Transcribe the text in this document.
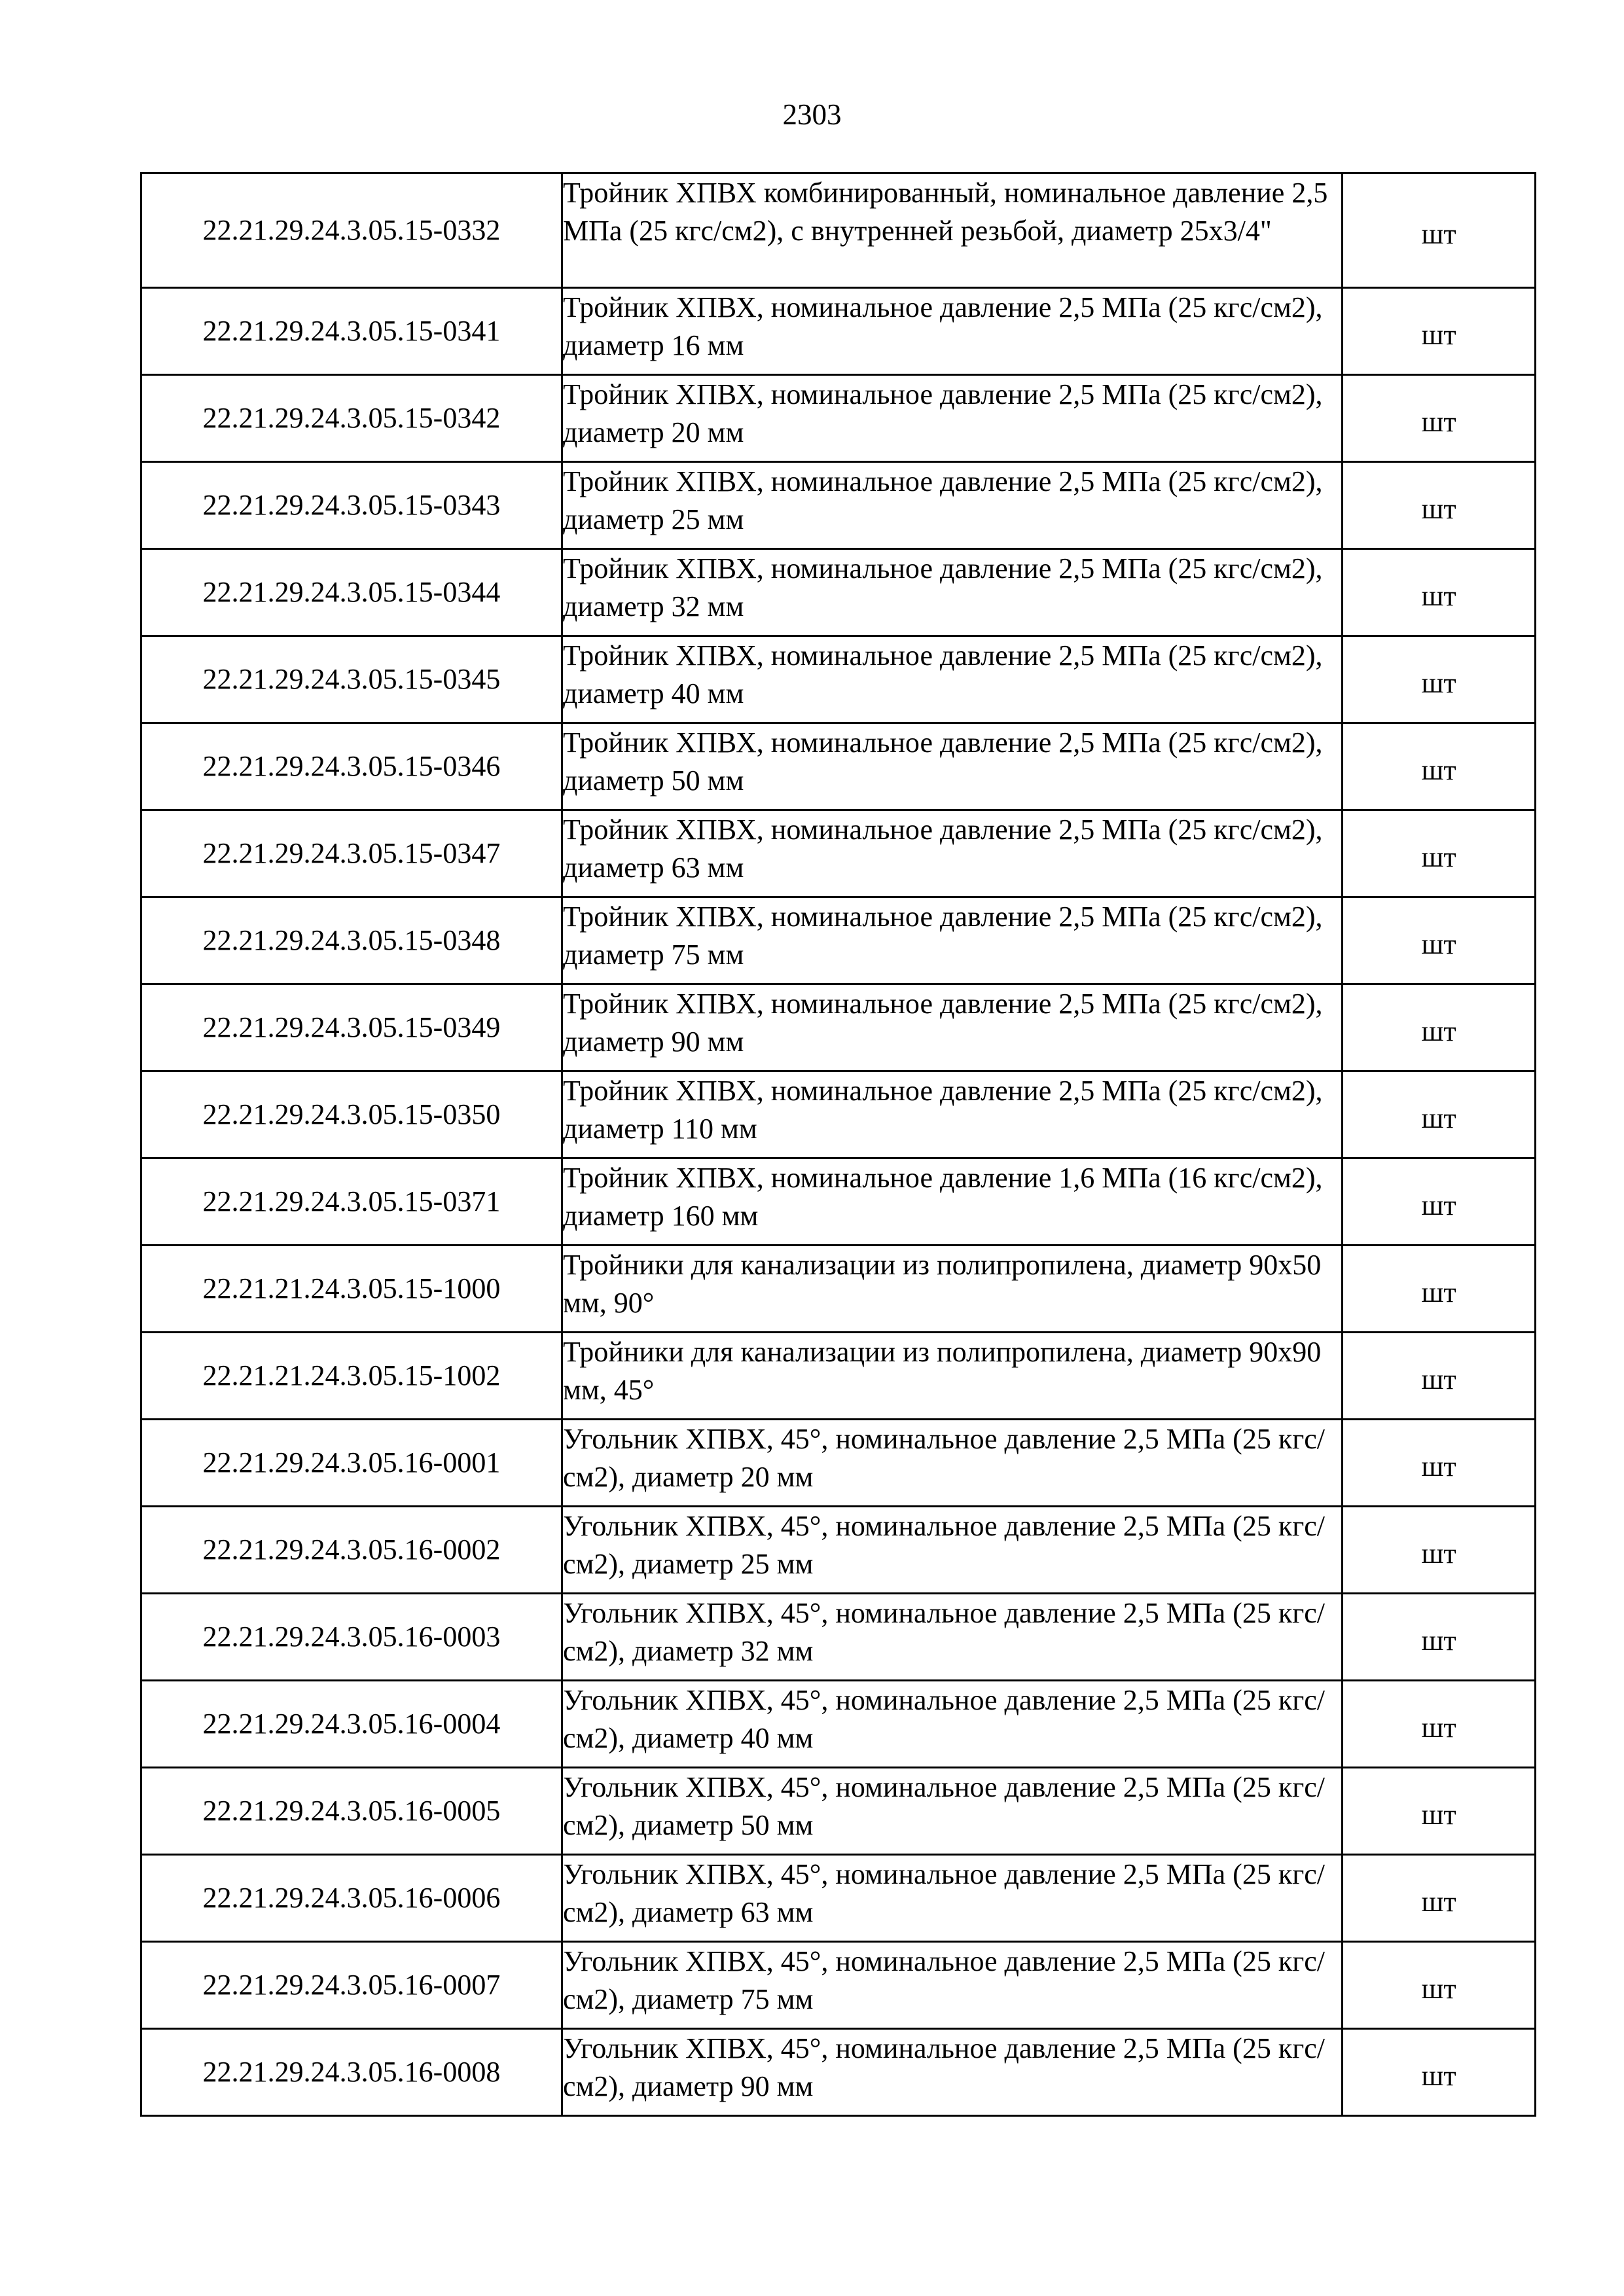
2303
22.21.29.24.3.05.15-0332	Тройник ХПВХ комбинированный, номинальное давление 2,5 МПа (25 кгс/см2), с внутренней резьбой, диаметр 25x3/4"	шт
22.21.29.24.3.05.15-0341	Тройник ХПВХ, номинальное давление 2,5 МПа (25 кгс/см2), диаметр 16 мм	шт
22.21.29.24.3.05.15-0342	Тройник ХПВХ, номинальное давление 2,5 МПа (25 кгс/см2), диаметр 20 мм	шт
22.21.29.24.3.05.15-0343	Тройник ХПВХ, номинальное давление 2,5 МПа (25 кгс/см2), диаметр 25 мм	шт
22.21.29.24.3.05.15-0344	Тройник ХПВХ, номинальное давление 2,5 МПа (25 кгс/см2), диаметр 32 мм	шт
22.21.29.24.3.05.15-0345	Тройник ХПВХ, номинальное давление 2,5 МПа (25 кгс/см2), диаметр 40 мм	шт
22.21.29.24.3.05.15-0346	Тройник ХПВХ, номинальное давление 2,5 МПа (25 кгс/см2), диаметр 50 мм	шт
22.21.29.24.3.05.15-0347	Тройник ХПВХ, номинальное давление 2,5 МПа (25 кгс/см2), диаметр 63 мм	шт
22.21.29.24.3.05.15-0348	Тройник ХПВХ, номинальное давление 2,5 МПа (25 кгс/см2), диаметр 75 мм	шт
22.21.29.24.3.05.15-0349	Тройник ХПВХ, номинальное давление 2,5 МПа (25 кгс/см2), диаметр 90 мм	шт
22.21.29.24.3.05.15-0350	Тройник ХПВХ, номинальное давление 2,5 МПа (25 кгс/см2), диаметр 110 мм	шт
22.21.29.24.3.05.15-0371	Тройник ХПВХ, номинальное давление 1,6 МПа (16 кгс/см2), диаметр 160 мм	шт
22.21.21.24.3.05.15-1000	Тройники для канализации из полипропилена, диаметр 90x50 мм, 90°	шт
22.21.21.24.3.05.15-1002	Тройники для канализации из полипропилена, диаметр 90x90 мм, 45°	шт
22.21.29.24.3.05.16-0001	Угольник ХПВХ, 45°, номинальное давление 2,5 МПа (25 кгс/см2), диаметр 20 мм	шт
22.21.29.24.3.05.16-0002	Угольник ХПВХ, 45°, номинальное давление 2,5 МПа (25 кгс/см2), диаметр 25 мм	шт
22.21.29.24.3.05.16-0003	Угольник ХПВХ, 45°, номинальное давление 2,5 МПа (25 кгс/см2), диаметр 32 мм	шт
22.21.29.24.3.05.16-0004	Угольник ХПВХ, 45°, номинальное давление 2,5 МПа (25 кгс/см2), диаметр 40 мм	шт
22.21.29.24.3.05.16-0005	Угольник ХПВХ, 45°, номинальное давление 2,5 МПа (25 кгс/см2), диаметр 50 мм	шт
22.21.29.24.3.05.16-0006	Угольник ХПВХ, 45°, номинальное давление 2,5 МПа (25 кгс/см2), диаметр 63 мм	шт
22.21.29.24.3.05.16-0007	Угольник ХПВХ, 45°, номинальное давление 2,5 МПа (25 кгс/см2), диаметр 75 мм	шт
22.21.29.24.3.05.16-0008	Угольник ХПВХ, 45°, номинальное давление 2,5 МПа (25 кгс/см2), диаметр 90 мм	шт
